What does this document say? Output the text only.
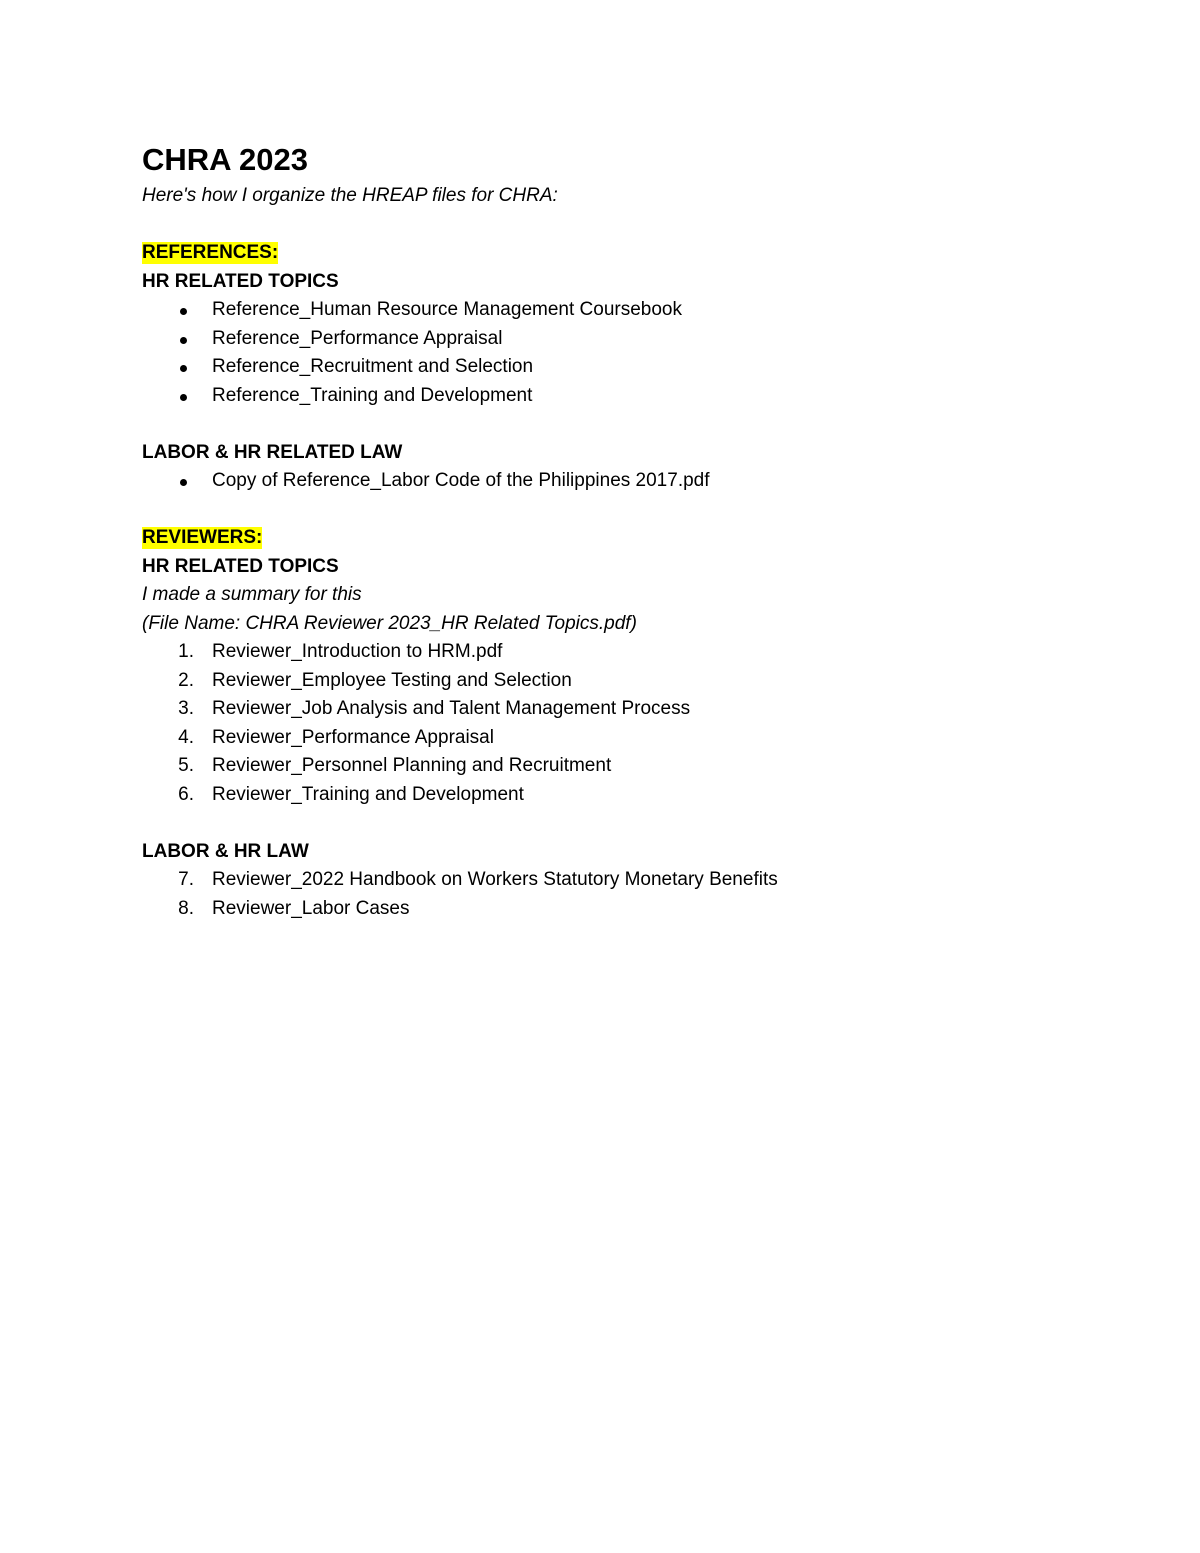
CHRA 2023

Here's how I organize the HREAP files for CHRA:

REFERENCES:

HR RELATED TOPICS

Reference_Human Resource Management Coursebook
Reference_Performance Appraisal
Reference_Recruitment and Selection
Reference_Training and Development

LABOR & HR RELATED LAW

Copy of Reference_Labor Code of the Philippines 2017.pdf

REVIEWERS:

HR RELATED TOPICS

I made a summary for this

(File Name: CHRA Reviewer 2023_HR Related Topics.pdf)

1. Reviewer_Introduction to HRM.pdf
2. Reviewer_Employee Testing and Selection
3. Reviewer_Job Analysis and Talent Management Process
4. Reviewer_Performance Appraisal
5. Reviewer_Personnel Planning and Recruitment
6. Reviewer_Training and Development

LABOR & HR LAW

7. Reviewer_2022 Handbook on Workers Statutory Monetary Benefits
8. Reviewer_Labor Cases
